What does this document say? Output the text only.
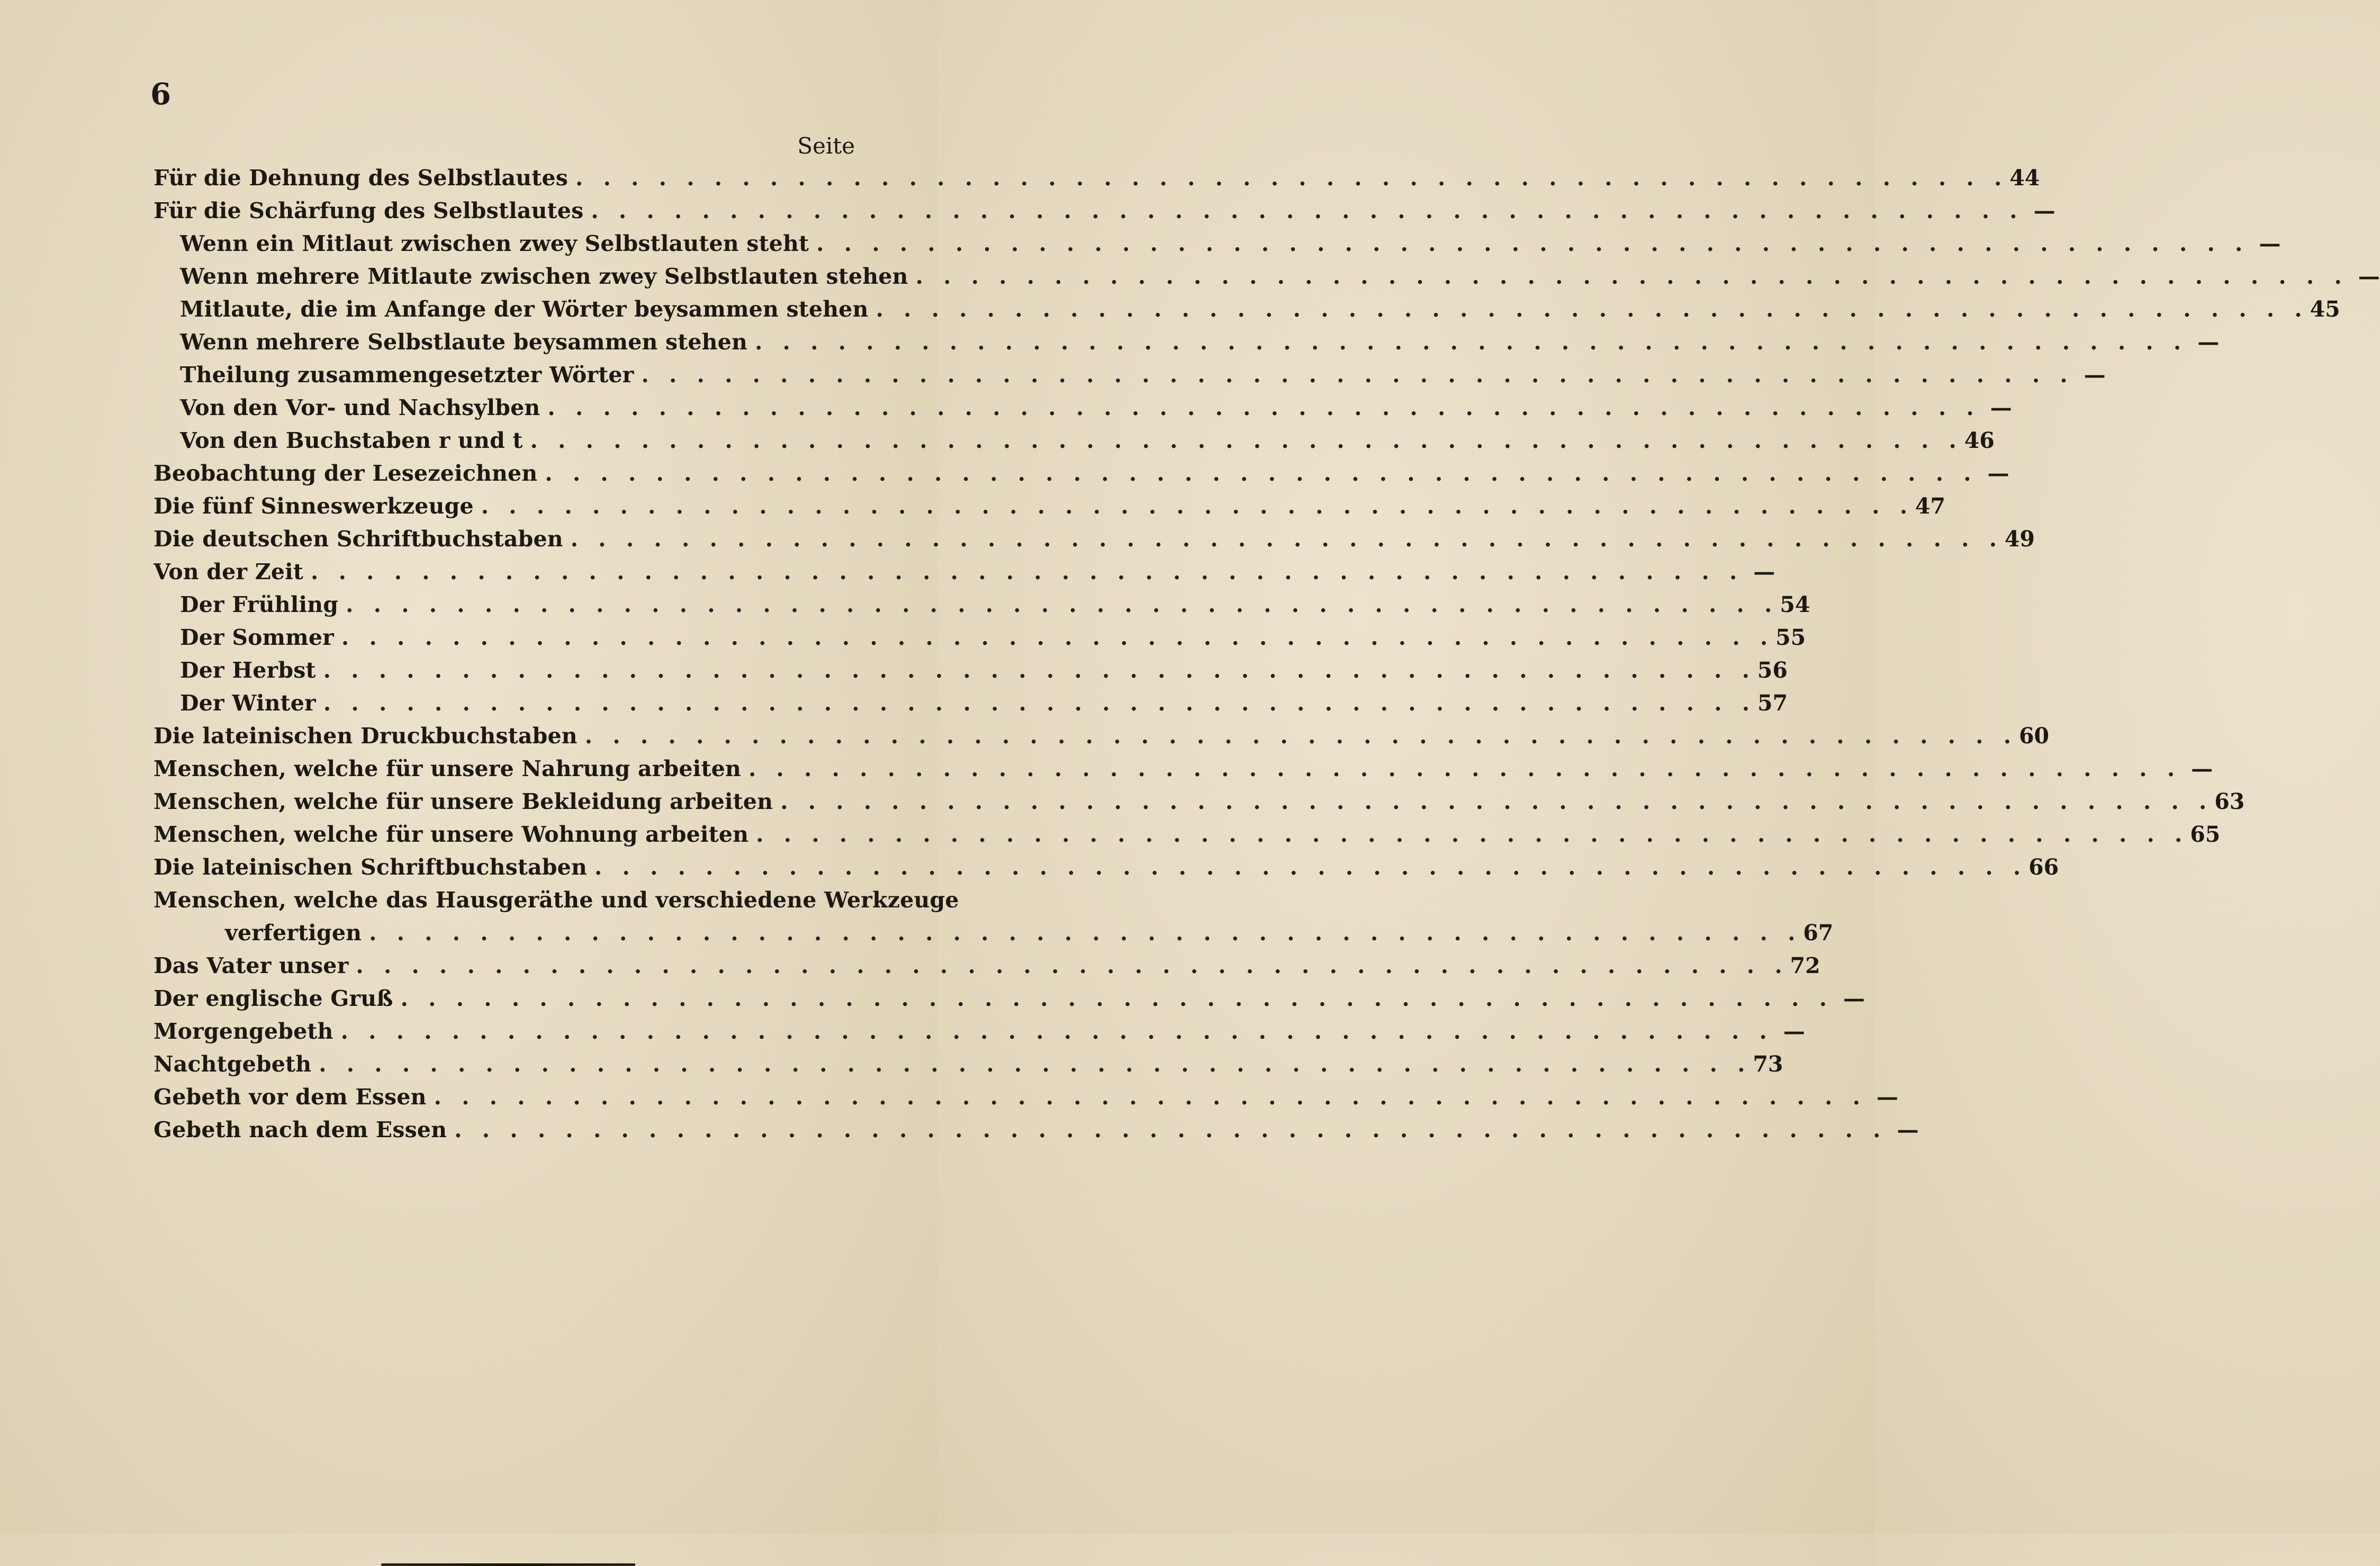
6
Seite
Für die Dehnung des Selbstlautes . . .	44
Für die Schärfung des Selbstlautes . . .	—
Wenn ein Mitlaut zwischen zwey Selbstlauten steht . . .	—
Wenn mehrere Mitlaute zwischen zwey Selbstlauten stehen . . .	—
Mitlaute, die im Anfange der Wörter beysammen stehen . . .	45
Wenn mehrere Selbstlaute beysammen stehen . . .	—
Theilung zusammengesetzter Wörter . . .	—
Von den Vor- und Nachsylben . . .	—
Von den Buchstaben r und t . . .	46
Beobachtung der Lesezeichnen . . .	—
Die fünf Sinneswerkzeuge . . .	47
Die deutschen Schriftbuchstaben . . .	49
Von der Zeit . . .	—
Der Frühling . . .	54
Der Sommer . . .	55
Der Herbst . . .	56
Der Winter . . .	57
Die lateinischen Druckbuchstaben . . .	60
Menschen, welche für unsere Nahrung arbeiten . . .	—
Menschen, welche für unsere Bekleidung arbeiten . . .	63
Menschen, welche für unsere Wohnung arbeiten . . .	65
Die lateinischen Schriftbuchstaben . . .	66
Menschen, welche das Hausgeräthe und verschiedene Werkzeuge
verfertigen . . .	67
Das Vater unser . . .	72
Der englische Gruß . . .	—
Morgengebeth . . .	—
Nachtgebeth . . .	73
Gebeth vor dem Essen . . .	—
Gebeth nach dem Essen . . .	—
